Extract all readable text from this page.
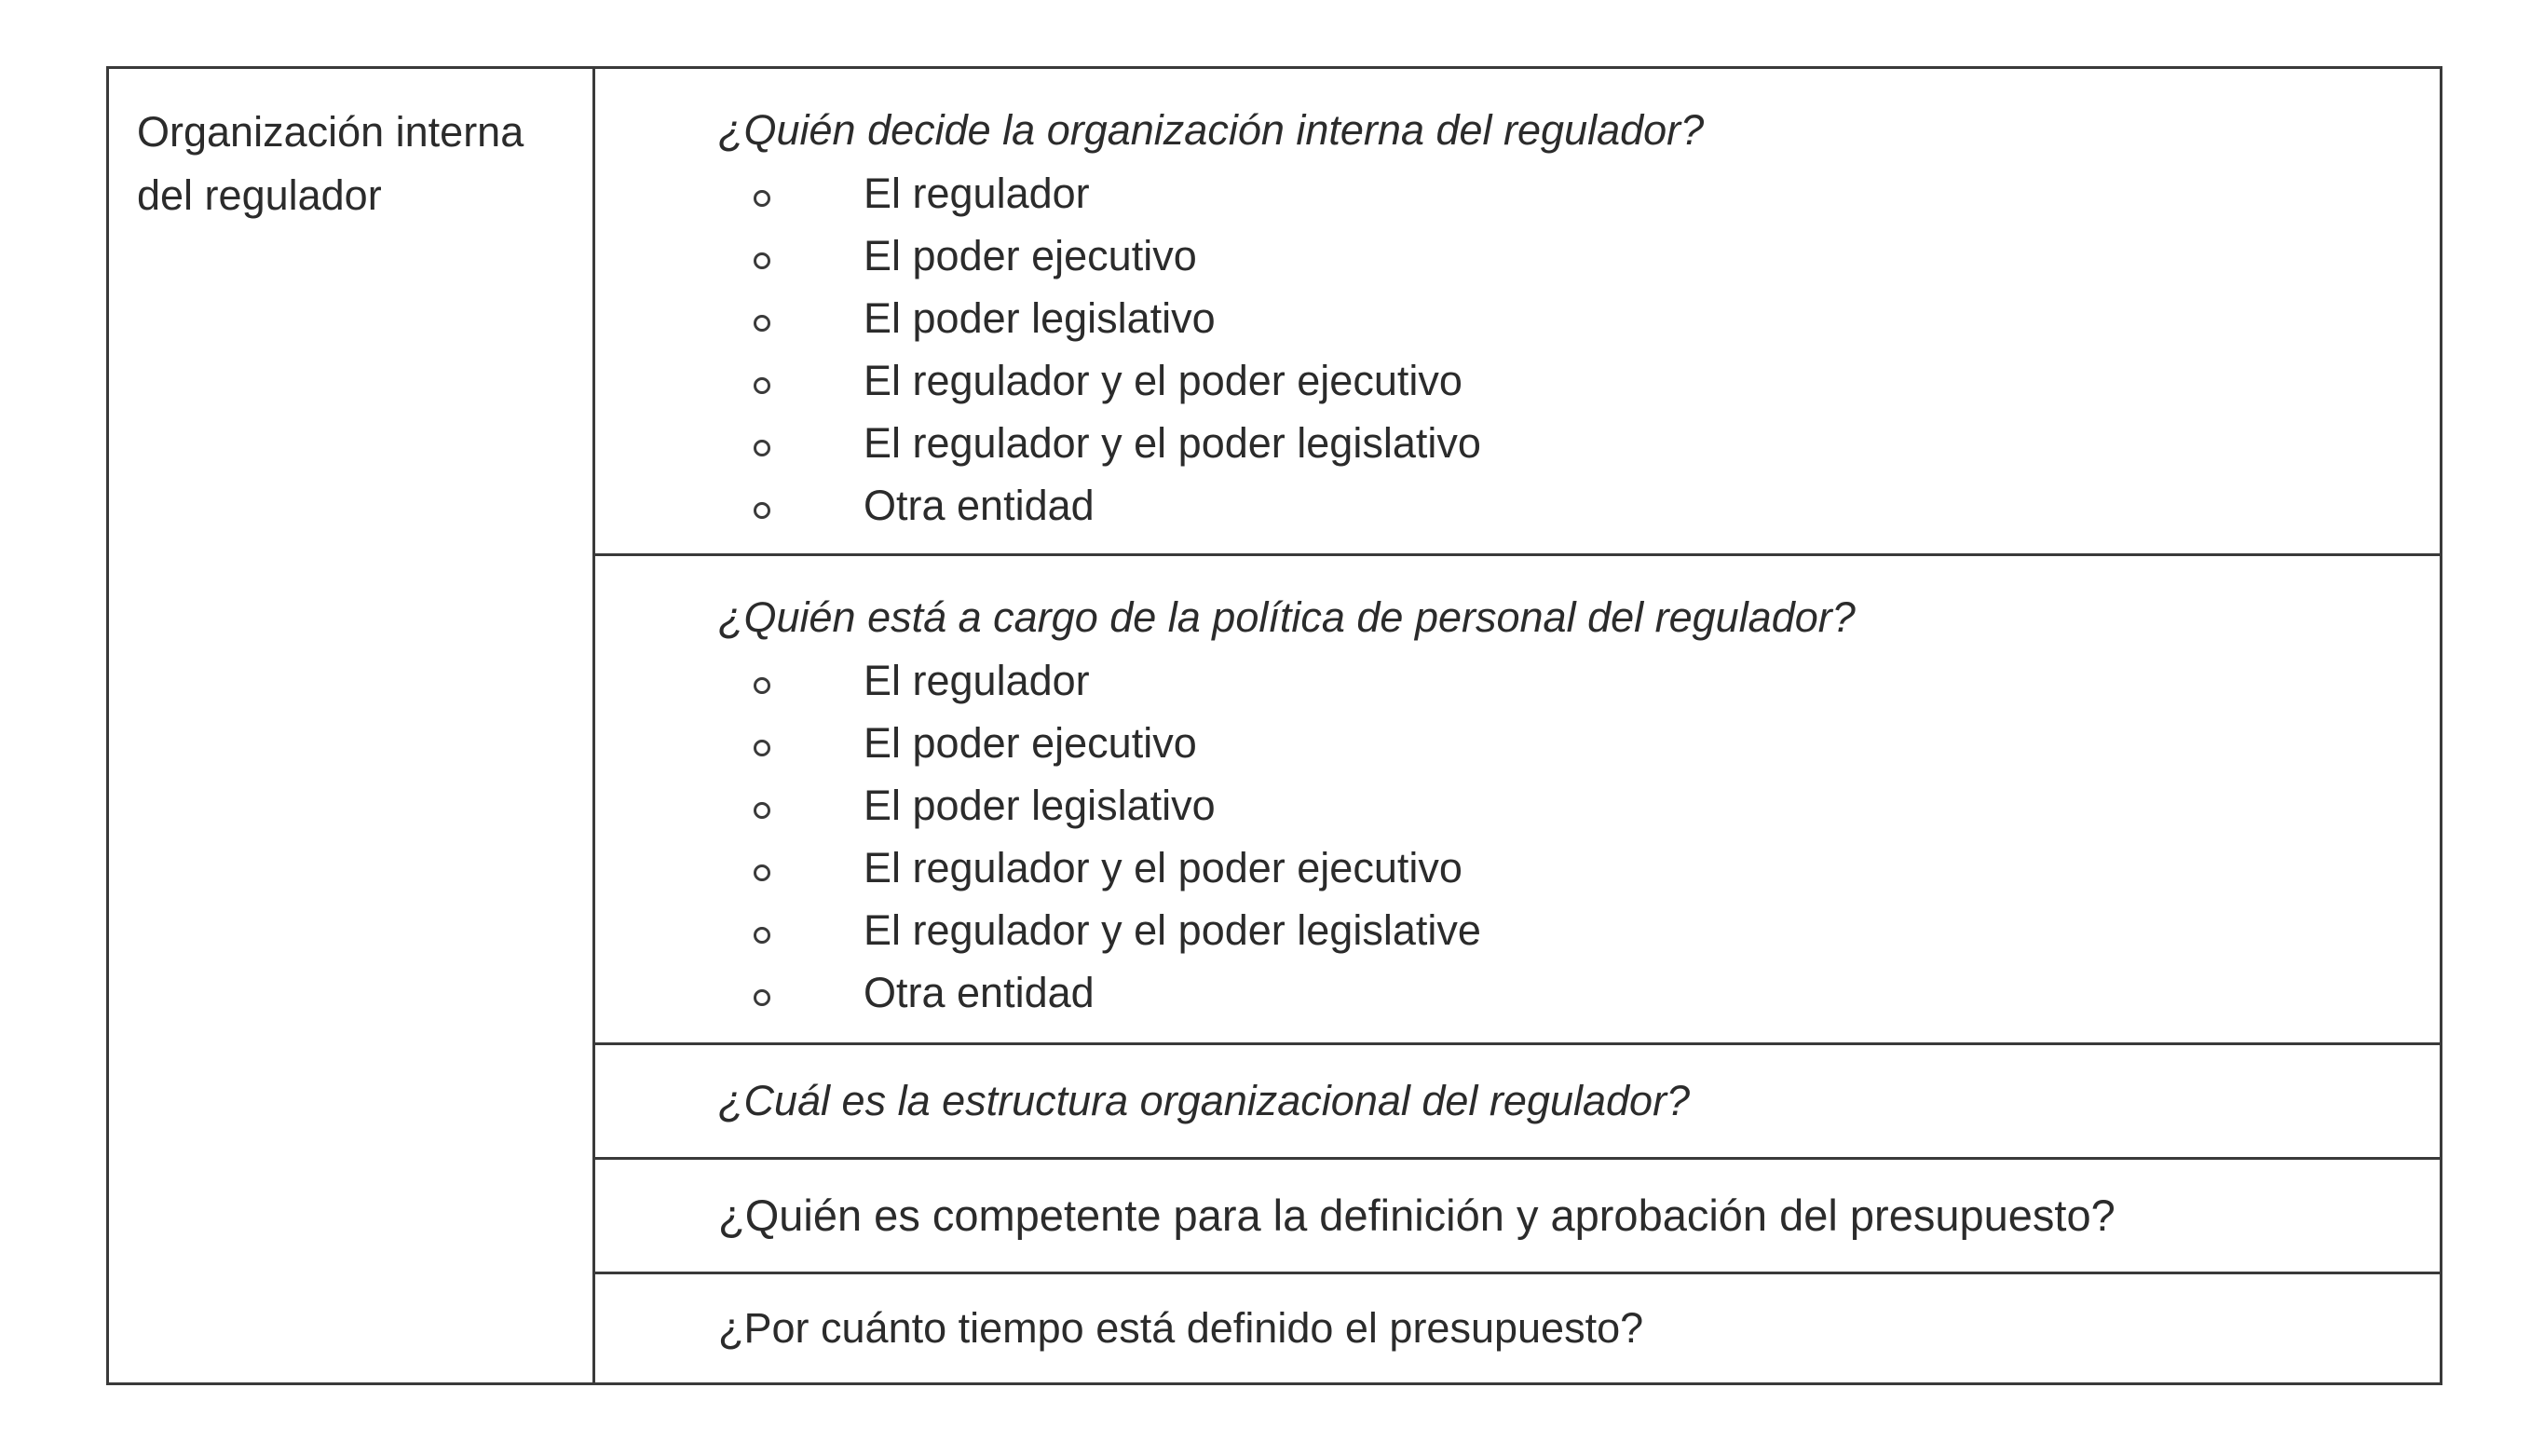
Organización interna
del regulador
¿Quién decide la organización interna del regulador?
El regulador
El poder ejecutivo
El poder legislativo
El regulador y el poder ejecutivo
El regulador y el poder legislativo
Otra entidad
¿Quién está a cargo de la política de personal del regulador?
El regulador
El poder ejecutivo
El poder legislativo
El regulador y el poder ejecutivo
El regulador y el poder legislative
Otra entidad
¿Cuál es la estructura organizacional del regulador?
¿Quién es competente para la definición y aprobación del presupuesto?
¿Por cuánto tiempo está definido el presupuesto?
